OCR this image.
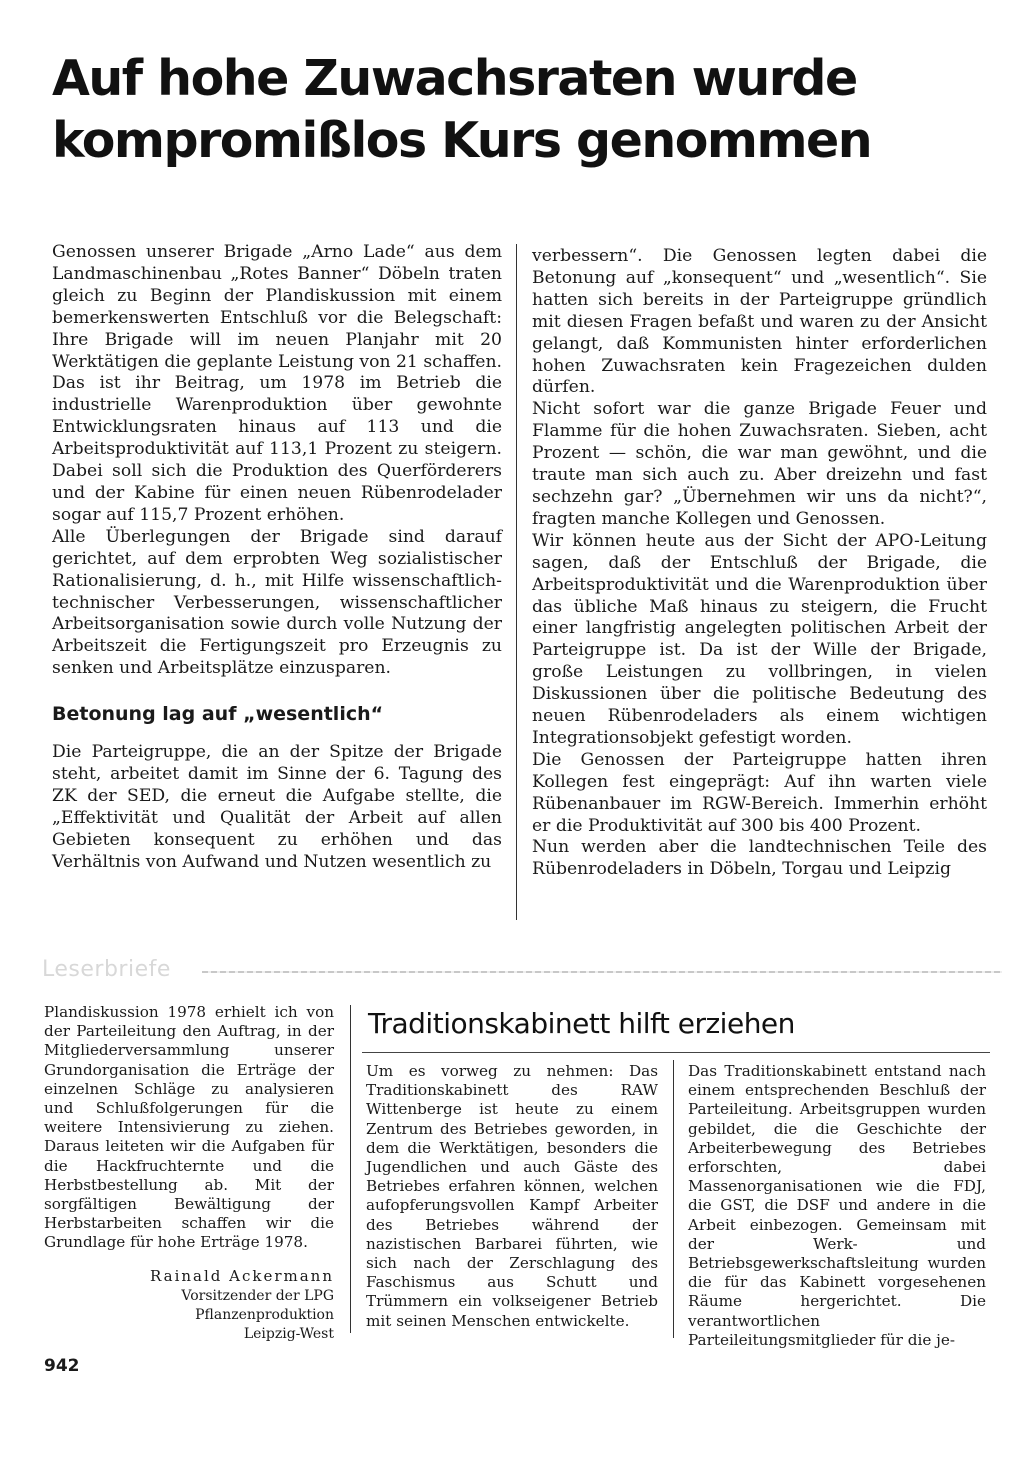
Auf hohe Zuwachsraten wurde kompromißlos Kurs genommen

Genossen unserer Brigade „Arno Lade“ aus dem Landmaschinenbau „Rotes Banner“ Döbeln traten gleich zu Beginn der Plandiskussion mit einem bemerkenswerten Entschluß vor die Belegschaft: Ihre Brigade will im neuen Planjahr mit 20 Werktätigen die geplante Leistung von 21 schaffen.

Das ist ihr Beitrag, um 1978 im Betrieb die industrielle Warenproduktion über gewohnte Entwicklungsraten hinaus auf 113 und die Arbeitsproduktivität auf 113,1 Prozent zu steigern. Dabei soll sich die Produktion des Querförderers und der Kabine für einen neuen Rübenrodelader sogar auf 115,7 Prozent erhöhen.

Alle Überlegungen der Brigade sind darauf gerichtet, auf dem erprobten Weg sozialistischer Rationalisierung, d. h., mit Hilfe wissenschaftlich-technischer Verbesserungen, wissenschaftlicher Arbeitsorganisation sowie durch volle Nutzung der Arbeitszeit die Fertigungszeit pro Erzeugnis zu senken und Arbeitsplätze einzusparen.

Betonung lag auf „wesentlich“

Die Parteigruppe, die an der Spitze der Brigade steht, arbeitet damit im Sinne der 6. Tagung des ZK der SED, die erneut die Aufgabe stellte, die „Effektivität und Qualität der Arbeit auf allen Gebieten konsequent zu erhöhen und das Verhältnis von Aufwand und Nutzen wesentlich zu

verbessern“. Die Genossen legten dabei die Betonung auf „konsequent“ und „wesentlich“. Sie hatten sich bereits in der Parteigruppe gründlich mit diesen Fragen befaßt und waren zu der Ansicht gelangt, daß Kommunisten hinter erforderlichen hohen Zuwachsraten kein Fragezeichen dulden dürfen.

Nicht sofort war die ganze Brigade Feuer und Flamme für die hohen Zuwachsraten. Sieben, acht Prozent — schön, die war man gewöhnt, und die traute man sich auch zu. Aber dreizehn und fast sechzehn gar? „Übernehmen wir uns da nicht?“, fragten manche Kollegen und Genossen.

Wir können heute aus der Sicht der APO-Leitung sagen, daß der Entschluß der Brigade, die Arbeitsproduktivität und die Warenproduktion über das übliche Maß hinaus zu steigern, die Frucht einer langfristig angelegten politischen Arbeit der Parteigruppe ist. Da ist der Wille der Brigade, große Leistungen zu vollbringen, in vielen Diskussionen über die politische Bedeutung des neuen Rübenrodeladers als einem wichtigen Integrationsobjekt gefestigt worden.

Die Genossen der Parteigruppe hatten ihren Kollegen fest eingeprägt: Auf ihn warten viele Rübenanbauer im RGW-Bereich. Immerhin erhöht er die Produktivität auf 300 bis 400 Prozent.

Nun werden aber die landtechnischen Teile des Rübenrodeladers in Döbeln, Torgau und Leipzig

Leserbriefe

Plandiskussion 1978 erhielt ich von der Parteileitung den Auftrag, in der Mitgliederversammlung unserer Grundorganisation die Erträge der einzelnen Schläge zu analysieren und Schlußfolgerungen für die weitere Intensivierung zu ziehen. Daraus leiteten wir die Aufgaben für die Hackfruchternte und die Herbstbestellung ab. Mit der sorgfältigen Bewältigung der Herbstarbeiten schaffen wir die Grundlage für hohe Erträge 1978.

Rainald Ackermann
Vorsitzender der LPG
Pflanzenproduktion
Leipzig-West

Traditionskabinett hilft erziehen

Um es vorweg zu nehmen: Das Traditionskabinett des RAW Wittenberge ist heute zu einem Zentrum des Betriebes geworden, in dem die Werktätigen, besonders die Jugendlichen und auch Gäste des Betriebes erfahren können, welchen aufopferungsvollen Kampf Arbeiter des Betriebes während der nazistischen Barbarei führten, wie sich nach der Zerschlagung des Faschismus aus Schutt und Trümmern ein volkseigener Betrieb mit seinen Menschen entwickelte.

Das Traditionskabinett entstand nach einem entsprechenden Beschluß der Parteileitung. Arbeitsgruppen wurden gebildet, die die Geschichte der Arbeiterbewegung des Betriebes erforschten, dabei Massenorganisationen wie die FDJ, die GST, die DSF und andere in die Arbeit einbezogen. Gemeinsam mit der Werk- und Betriebsgewerkschaftsleitung wurden die für das Kabinett vorgesehenen Räume hergerichtet. Die verantwortlichen Parteileitungsmitglieder für die je-

942
